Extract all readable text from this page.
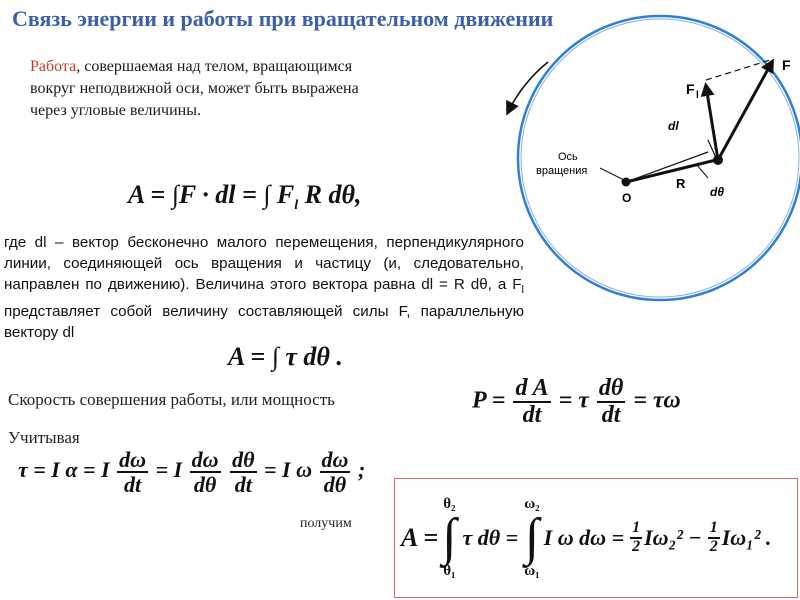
Связь энергии и работы при вращательном движении
Работа, совершаемая над телом, вращающимся вокруг неподвижной оси, может быть выражена через угловые величины.
A = ∫F · dl = ∫ $F_l$ R dθ,
где dl – вектор бесконечно малого перемещения, перпендикулярного линии, соединяющей ось вращения и частицу (и, следовательно, направлен по движению). Величина этого вектора равна dl = R dθ, а $F_l$ представляет собой величину составляющей силы F, параллельную вектору dl
A = ∫ τ dθ .
Скорость совершения работы, или мощность	$P = \frac{\text{d A}}{dt} = \tau \frac{d\theta}{dt} = \tau\omega$
Учитывая
τ = I α = I $\frac{d\omega}{dt} = I \frac{d\omega}{d\theta}$
$\frac{d\theta}{dt} = I$ ω $\frac{d\omega}{d\theta}$ ;
получим A =
θ₂
∫
θ₁
τ dθ =
ω₂
∫
ω₁
I ω $d\omega = \frac{1}{2} I\omega_2^2 - \frac{1}{2} I\omega_1^2$ .
F
F l
dl
Ось
вращения
R
O	dθ
